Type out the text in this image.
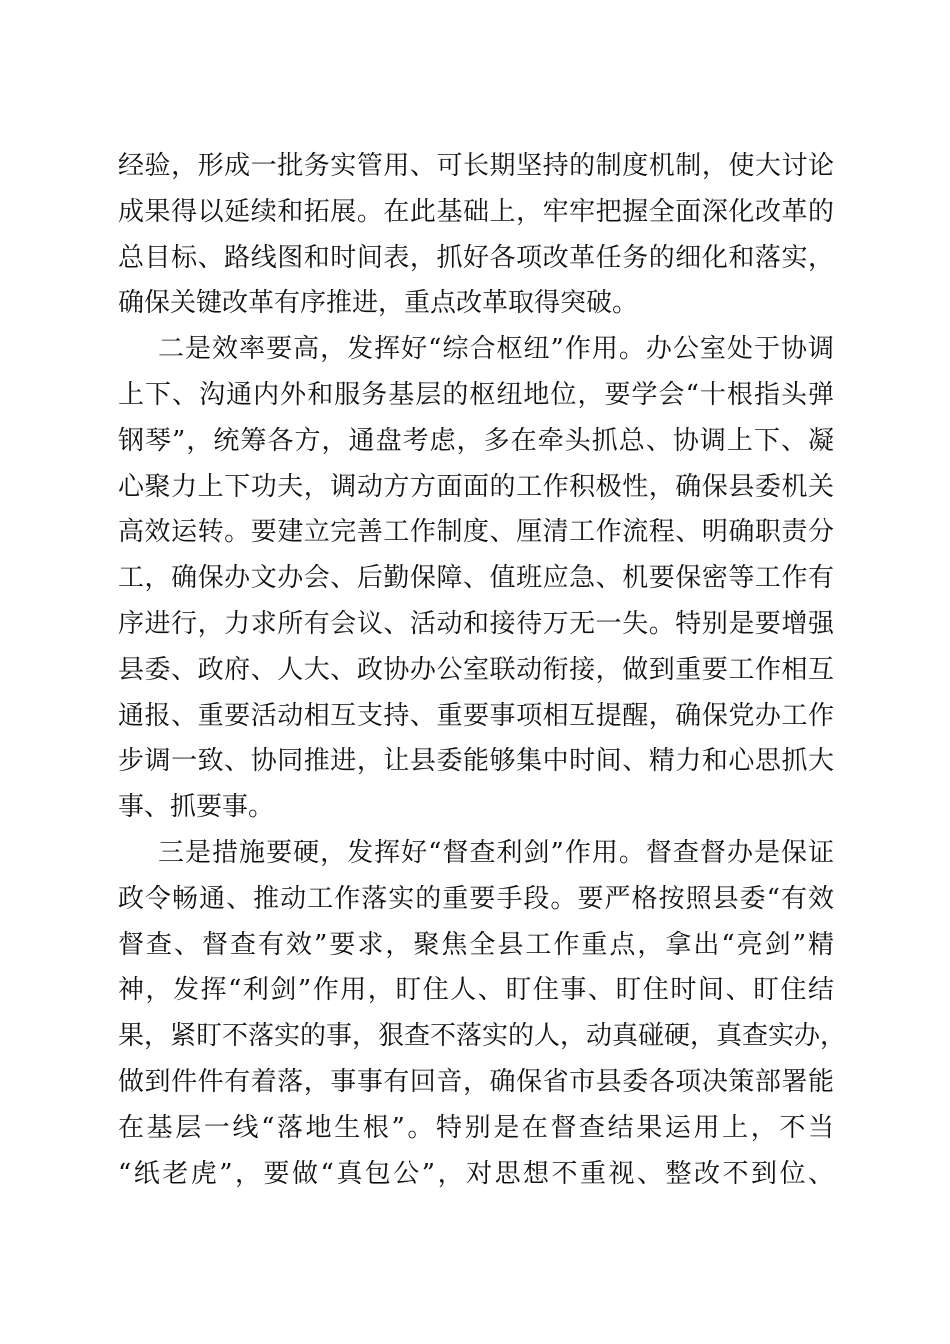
经验，形成一批务实管用、可长期坚持的制度机制，使大讨论
成果得以延续和拓展。在此基础上，牢牢把握全面深化改革的
总目标、路线图和时间表，抓好各项改革任务的细化和落实，
确保关键改革有序推进，重点改革取得突破。
二是效率要高，发挥好“综合枢纽”作用。办公室处于协调
上下、沟通内外和服务基层的枢纽地位，要学会“十根指头弹
钢琴”，统筹各方，通盘考虑，多在牵头抓总、协调上下、凝
心聚力上下功夫，调动方方面面的工作积极性，确保县委机关
高效运转。要建立完善工作制度、厘清工作流程、明确职责分
工，确保办文办会、后勤保障、值班应急、机要保密等工作有
序进行，力求所有会议、活动和接待万无一失。特别是要增强
县委、政府、人大、政协办公室联动衔接，做到重要工作相互
通报、重要活动相互支持、重要事项相互提醒，确保党办工作
步调一致、协同推进，让县委能够集中时间、精力和心思抓大
事、抓要事。
三是措施要硬，发挥好“督查利剑”作用。督查督办是保证
政令畅通、推动工作落实的重要手段。要严格按照县委“有效
督查、督查有效”要求，聚焦全县工作重点，拿出“亮剑”精
神，发挥“利剑”作用，盯住人、盯住事、盯住时间、盯住结
果，紧盯不落实的事，狠查不落实的人，动真碰硬，真查实办，
做到件件有着落，事事有回音，确保省市县委各项决策部署能
在基层一线“落地生根”。特别是在督查结果运用上，不当
“纸老虎”，要做“真包公”，对思想不重视、整改不到位、
